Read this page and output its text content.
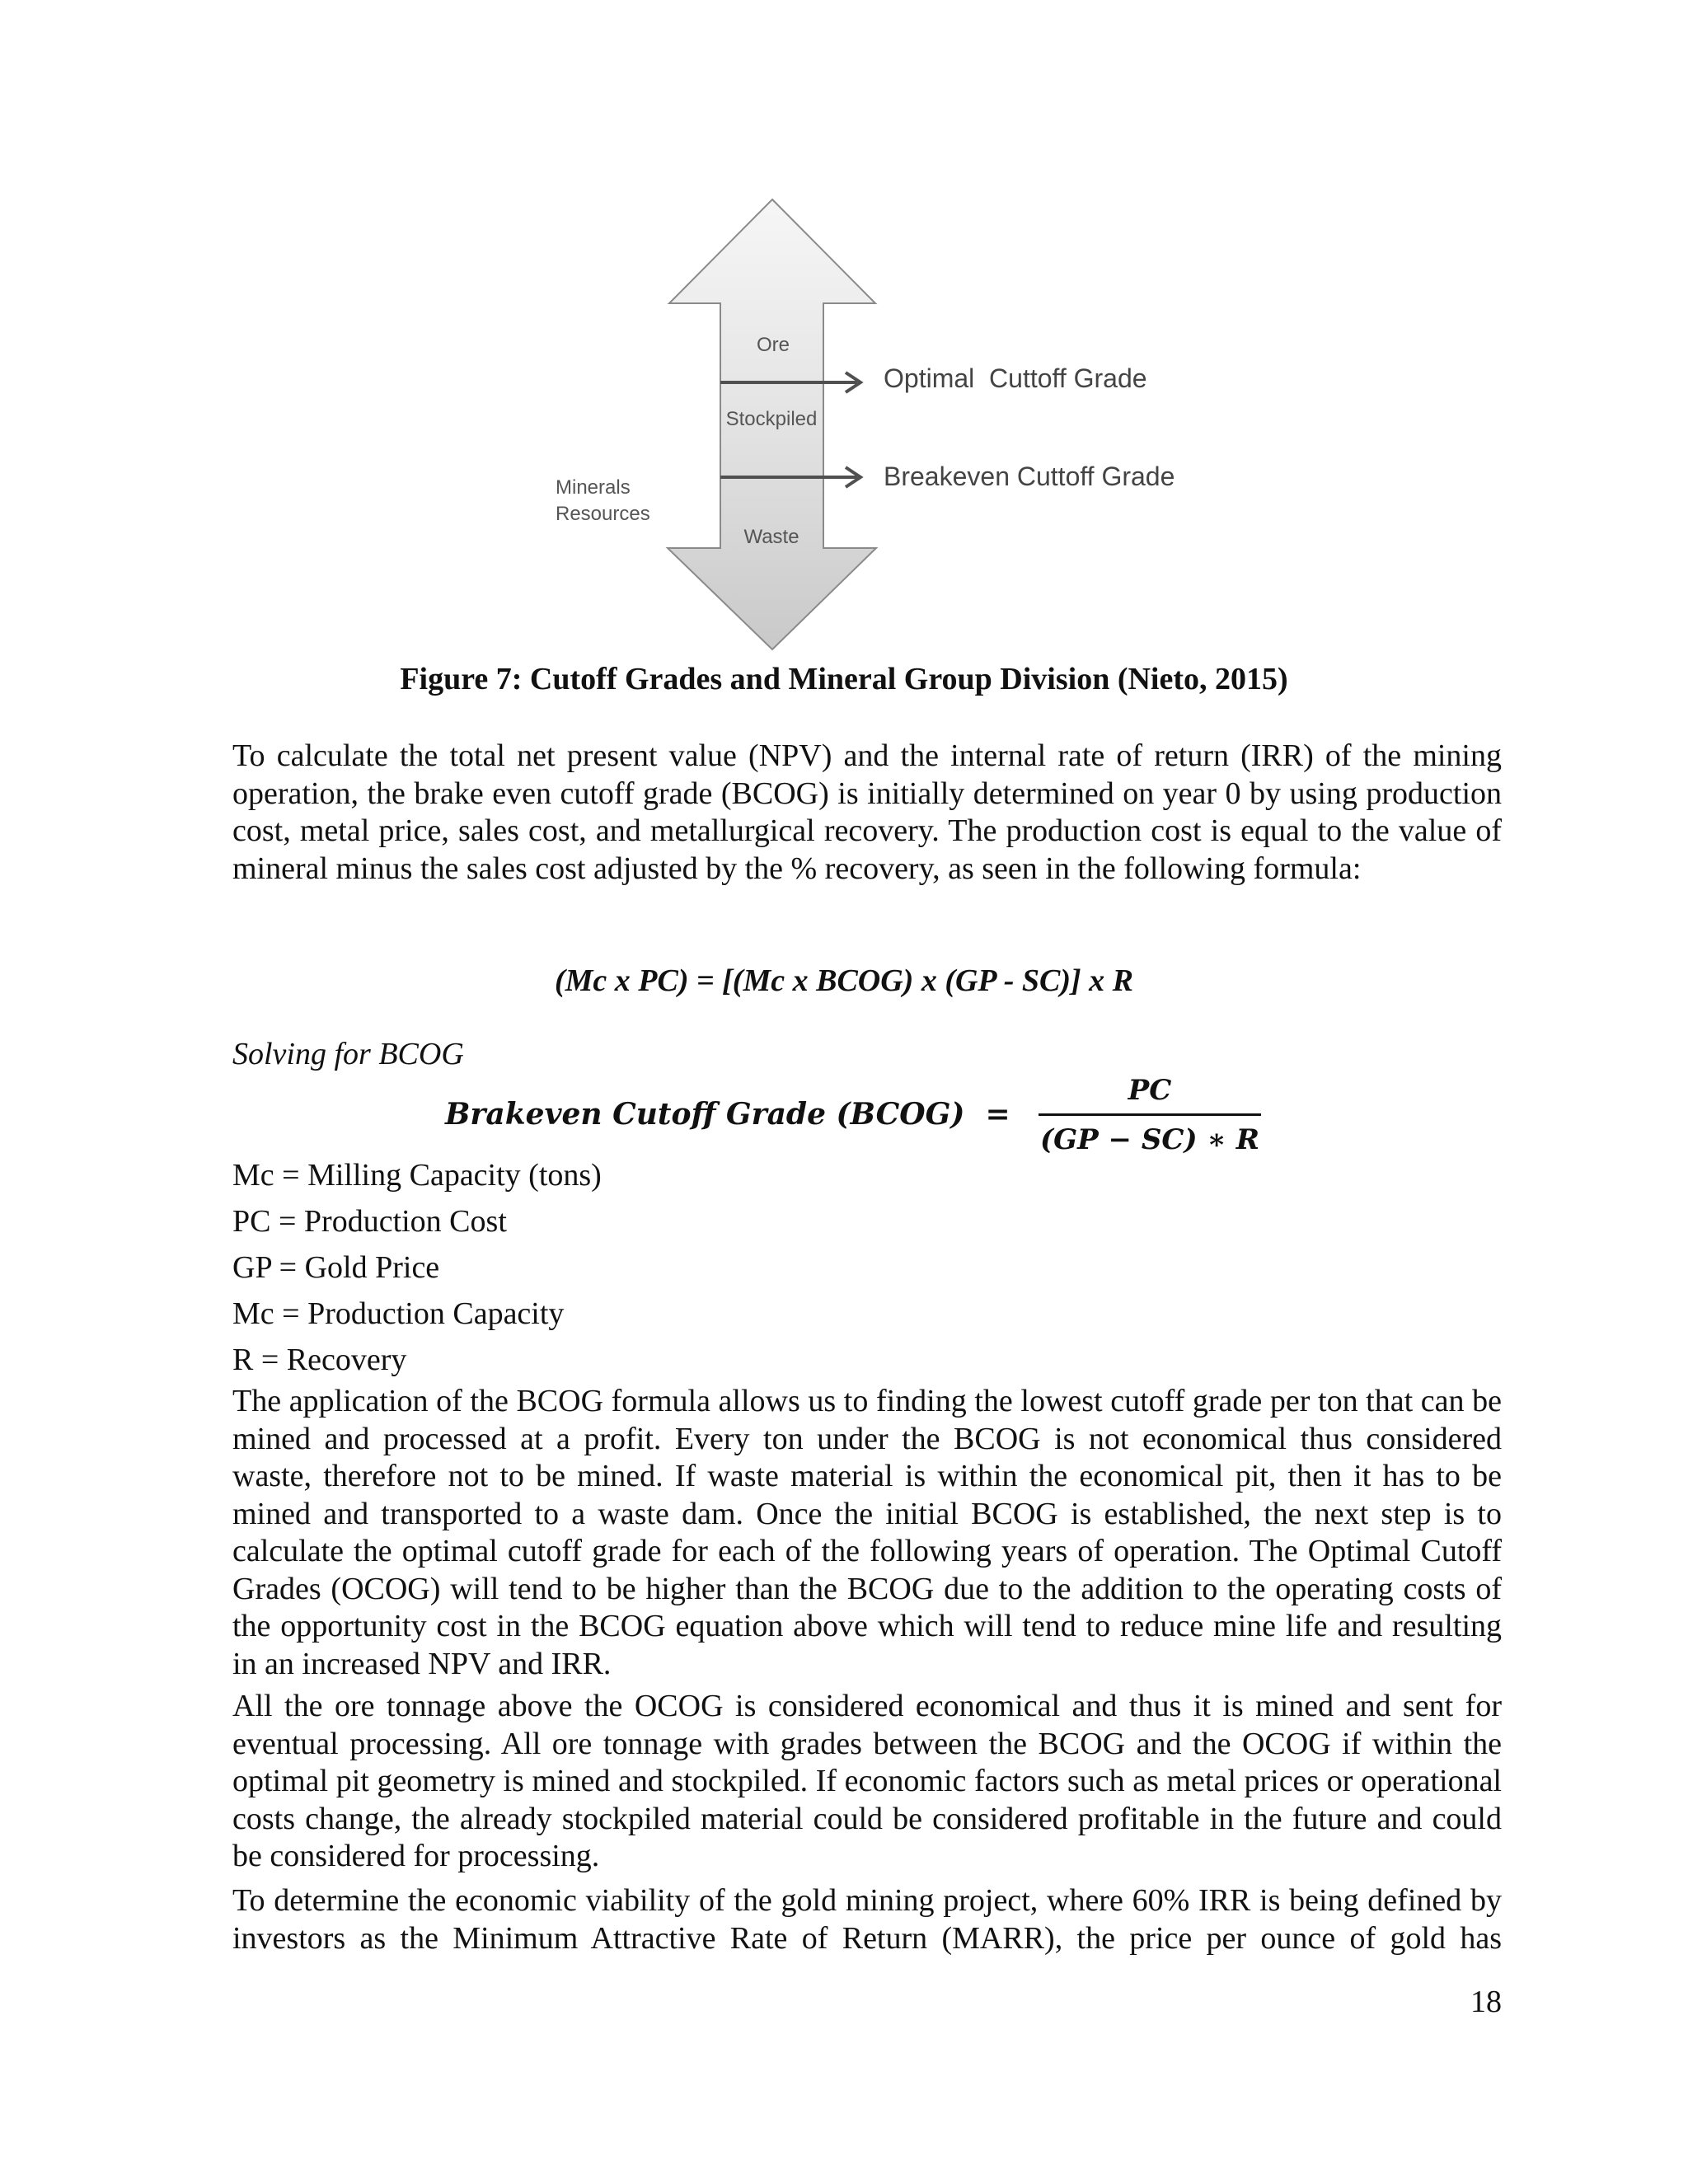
Ore
Stockpiled
Waste
Minerals
Resources
Optimal  Cuttoff Grade
Breakeven Cuttoff Grade
Figure 7: Cutoff Grades and Mineral Group Division (Nieto, 2015)
To calculate the total net present value (NPV) and the internal rate of return (IRR) of the mining operation, the brake even cutoff grade (BCOG) is initially determined on year 0 by using production cost, metal price, sales cost, and metallurgical recovery. The production cost is equal to the value of mineral minus the sales cost adjusted by the % recovery, as seen in the following formula:
(Mc x PC) = [(Mc x BCOG) x (GP - SC)] x R
Solving for BCOG
Brakeven Cutoff Grade (BCOG)  =
PC
(GP − SC) ∗ R
Mc = Milling Capacity (tons)
PC = Production Cost
GP = Gold Price
Mc = Production Capacity
R = Recovery
The application of the BCOG formula allows us to finding the lowest cutoff grade per ton that can be mined and processed at a profit. Every ton under the BCOG is not economical thus considered waste, therefore not to be mined. If waste material is within the economical pit, then it has to be mined and transported to a waste dam. Once the initial BCOG is established, the next step is to calculate the optimal cutoff grade for each of the following years of operation. The Optimal Cutoff Grades (OCOG) will tend to be higher than the BCOG due to the addition to the operating costs of the opportunity cost in the BCOG equation above which will tend to reduce mine life and resulting in an increased NPV and IRR.
All the ore tonnage above the OCOG is considered economical and thus it is mined and sent for eventual processing. All ore tonnage with grades between the BCOG and the OCOG if within the optimal pit geometry is mined and stockpiled. If economic factors such as metal prices or operational costs change, the already stockpiled material could be considered profitable in the future and could be considered for processing.
To determine the economic viability of the gold mining project, where 60% IRR is being defined by investors as the Minimum Attractive Rate of Return (MARR), the price per ounce of gold has
18
